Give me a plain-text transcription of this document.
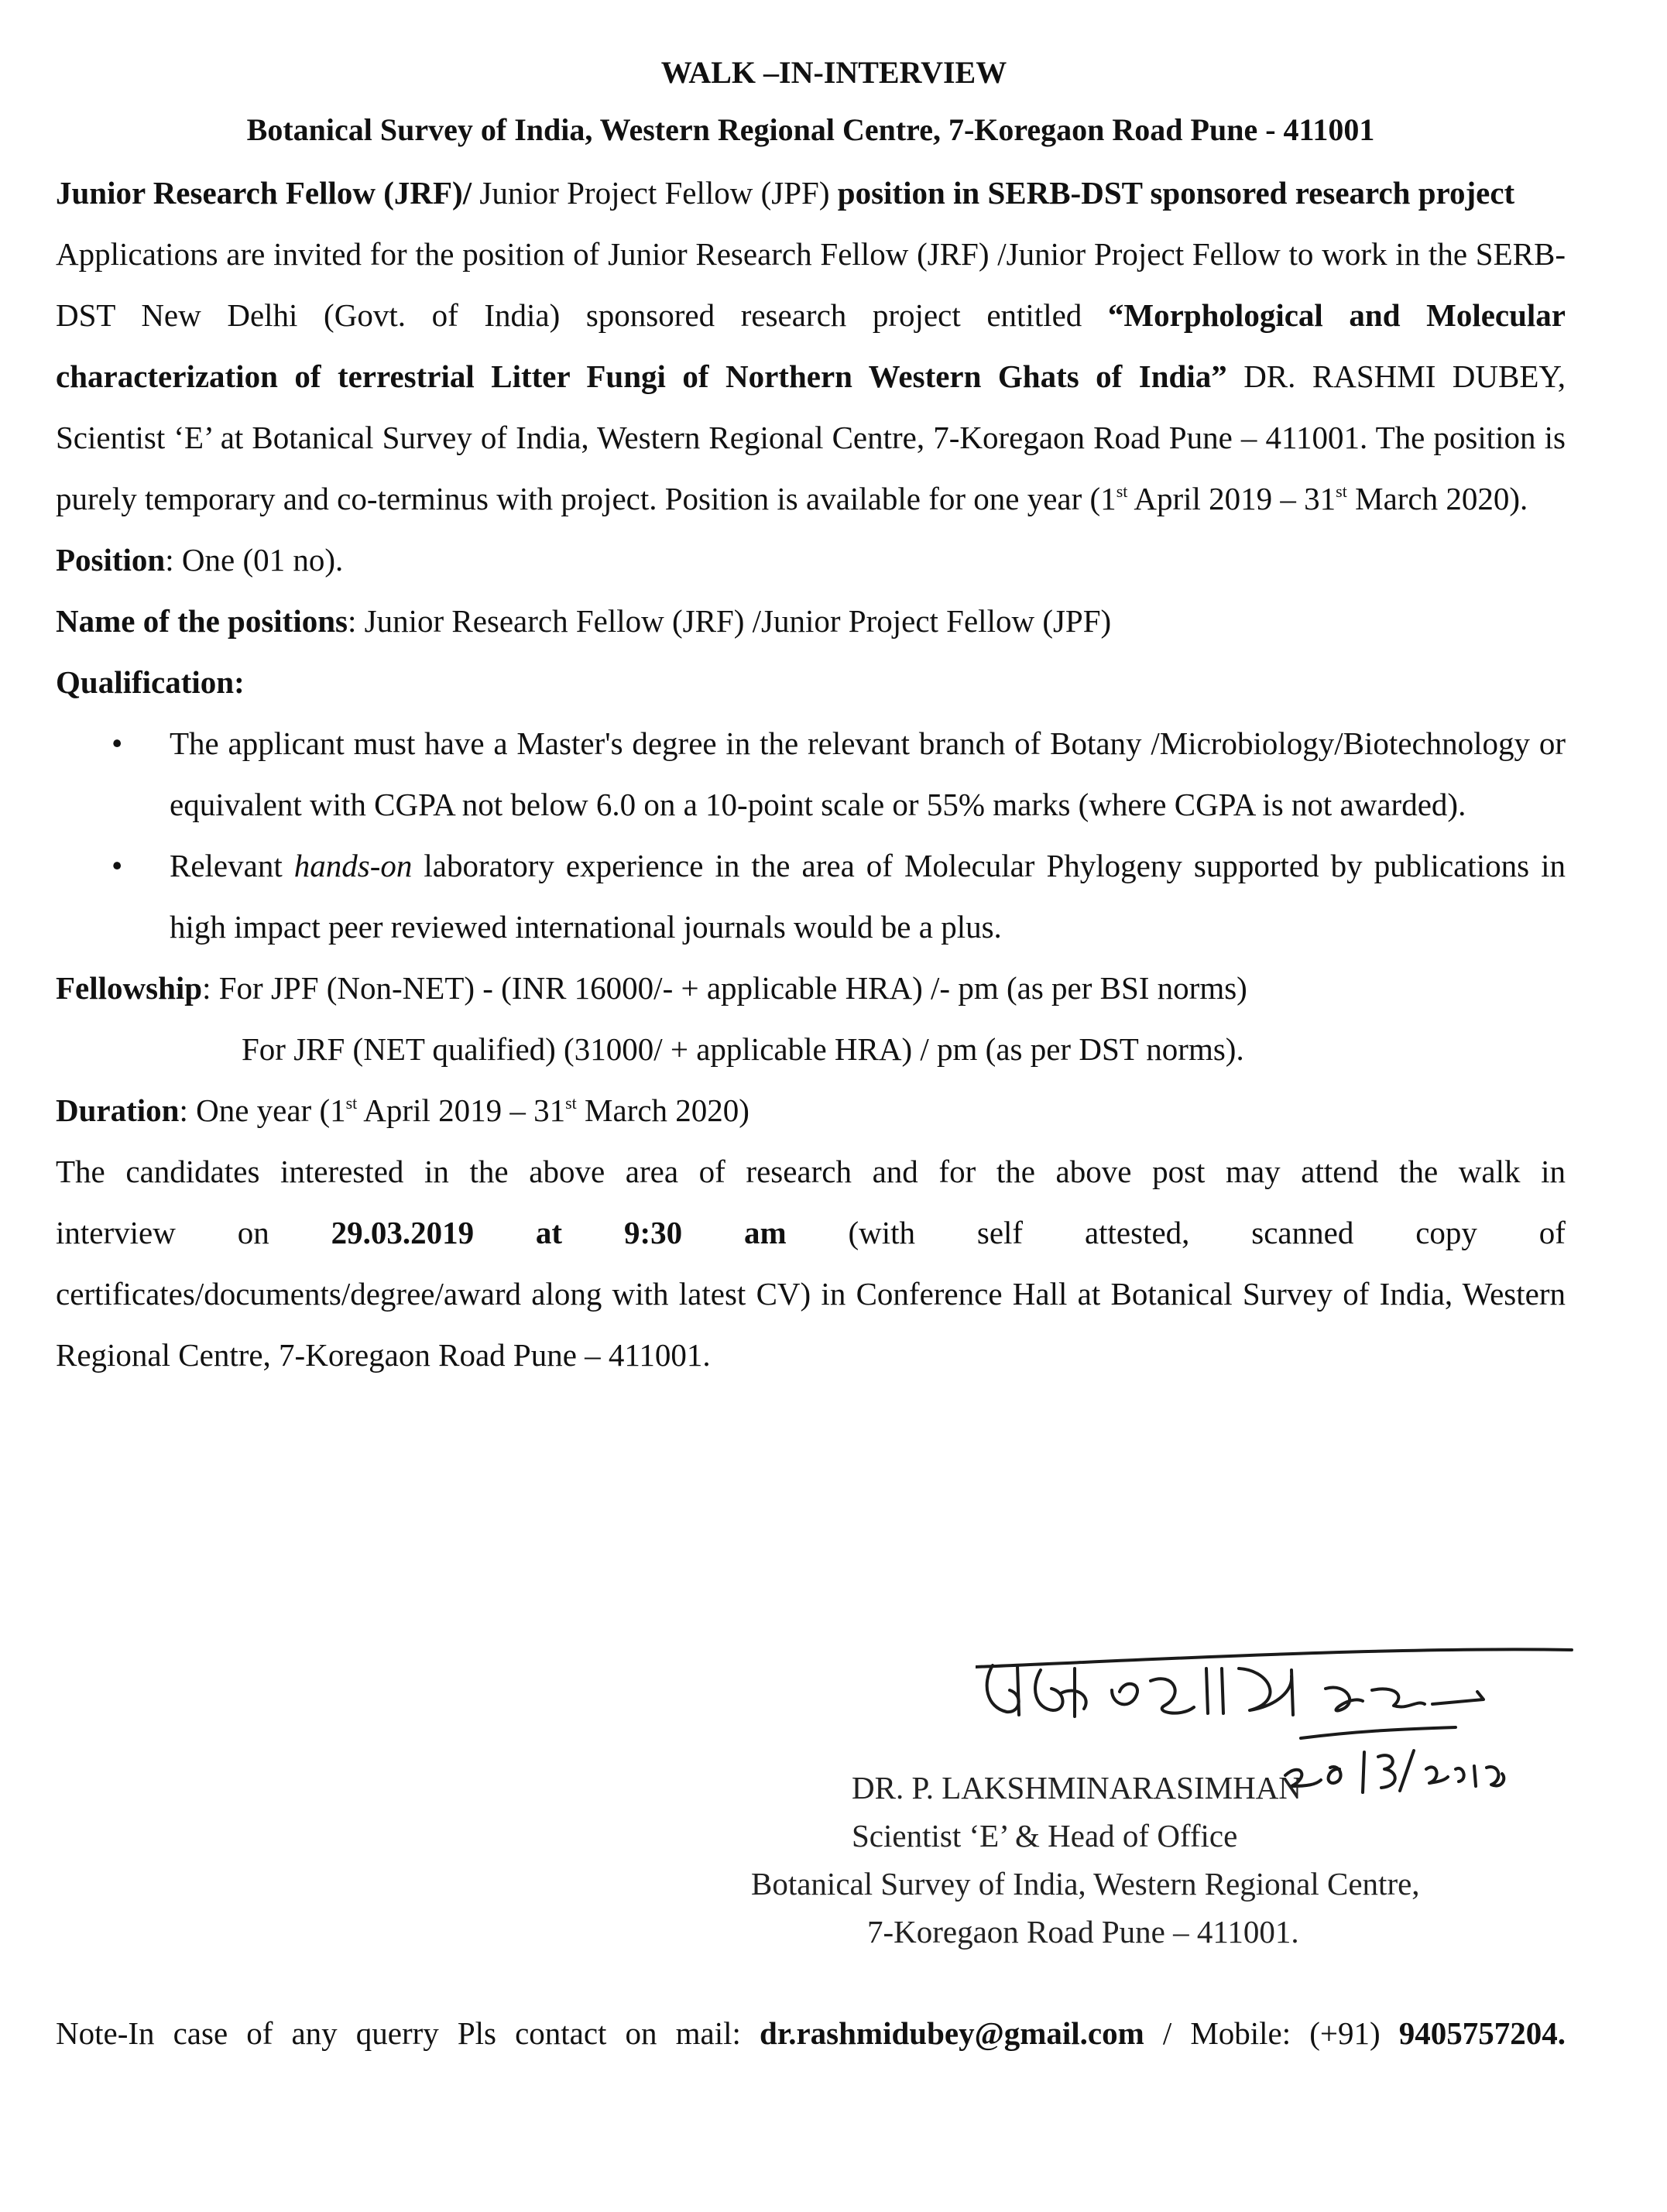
WALK –IN-INTERVIEW
Botanical Survey of India, Western Regional Centre, 7-Koregaon Road Pune - 411001

Junior Research Fellow (JRF)/ Junior Project Fellow (JPF) position in SERB-DST sponsored research project

Applications are invited for the position of Junior Research Fellow (JRF) /Junior Project Fellow to work in the SERB-DST New Delhi (Govt. of India) sponsored research project entitled “Morphological and Molecular characterization of terrestrial Litter Fungi of Northern Western Ghats of India” DR. RASHMI DUBEY, Scientist ‘E’ at Botanical Survey of India, Western Regional Centre, 7-Koregaon Road Pune – 411001. The position is purely temporary and co-terminus with project. Position is available for one year (1st April 2019 – 31st March 2020).

Position: One (01 no).

Name of the positions: Junior Research Fellow (JRF) /Junior Project Fellow (JPF)

Qualification:

• The applicant must have a Master's degree in the relevant branch of Botany /Microbiology/Biotechnology or equivalent with CGPA not below 6.0 on a 10-point scale or 55% marks (where CGPA is not awarded).
• Relevant hands-on laboratory experience in the area of Molecular Phylogeny supported by publications in high impact peer reviewed international journals would be a plus.

Fellowship: For JPF (Non-NET) - (INR 16000/- + applicable HRA) /- pm (as per BSI norms)

For JRF (NET qualified) (31000/ + applicable HRA) / pm (as per DST norms).

Duration: One year (1st April 2019 – 31st March 2020)

The candidates interested in the above area of research and for the above post may attend the walk in

interview on 29.03.2019 at 9:30 am (with self attested, scanned copy of

certificates/documents/degree/award along with latest CV) in Conference Hall at Botanical Survey of India, Western Regional Centre, 7-Koregaon Road Pune – 411001.

DR. P. LAKSHMINARASIMHAN
Scientist ‘E’ & Head of Office
Botanical Survey of India, Western Regional Centre,
7-Koregaon Road Pune – 411001.
Note-In case of any querry Pls contact on mail: dr.rashmidubey@gmail.com / Mobile: (+91) 9405757204.
